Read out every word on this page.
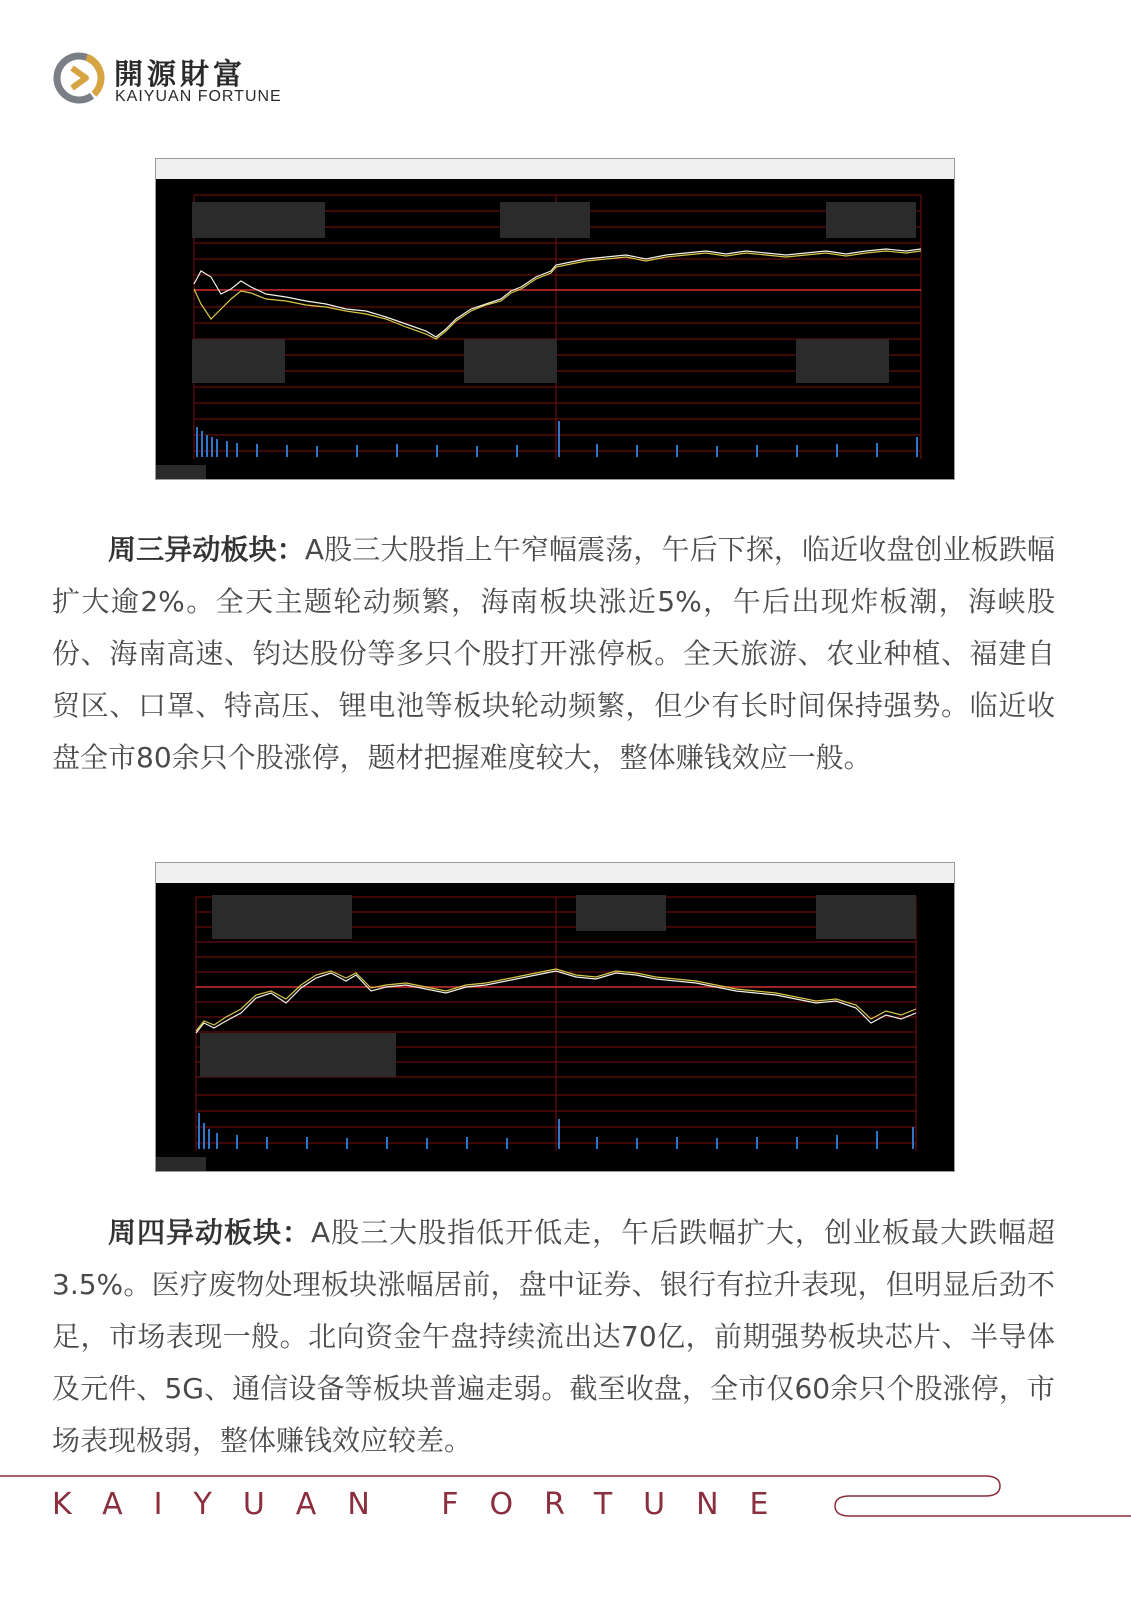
開源財富
KAIYUAN FORTUNE

周三异动板块：A股三大股指上午窄幅震荡，午后下探，临近收盘创业板跌幅扩大逾2%。全天主题轮动频繁，海南板块涨近5%，午后出现炸板潮，海峡股份、海南高速、钧达股份等多只个股打开涨停板。全天旅游、农业种植、福建自贸区、口罩、特高压、锂电池等板块轮动频繁，但少有长时间保持强势。临近收盘全市80余只个股涨停，题材把握难度较大，整体赚钱效应一般。

周四异动板块：A股三大股指低开低走，午后跌幅扩大，创业板最大跌幅超3.5%。医疗废物处理板块涨幅居前，盘中证券、银行有拉升表现，但明显后劲不足，市场表现一般。北向资金午盘持续流出达70亿，前期强势板块芯片、半导体及元件、5G、通信设备等板块普遍走弱。截至收盘，全市仅60余只个股涨停，市场表现极弱，整体赚钱效应较差。

KAIYUAN FORTUNE
